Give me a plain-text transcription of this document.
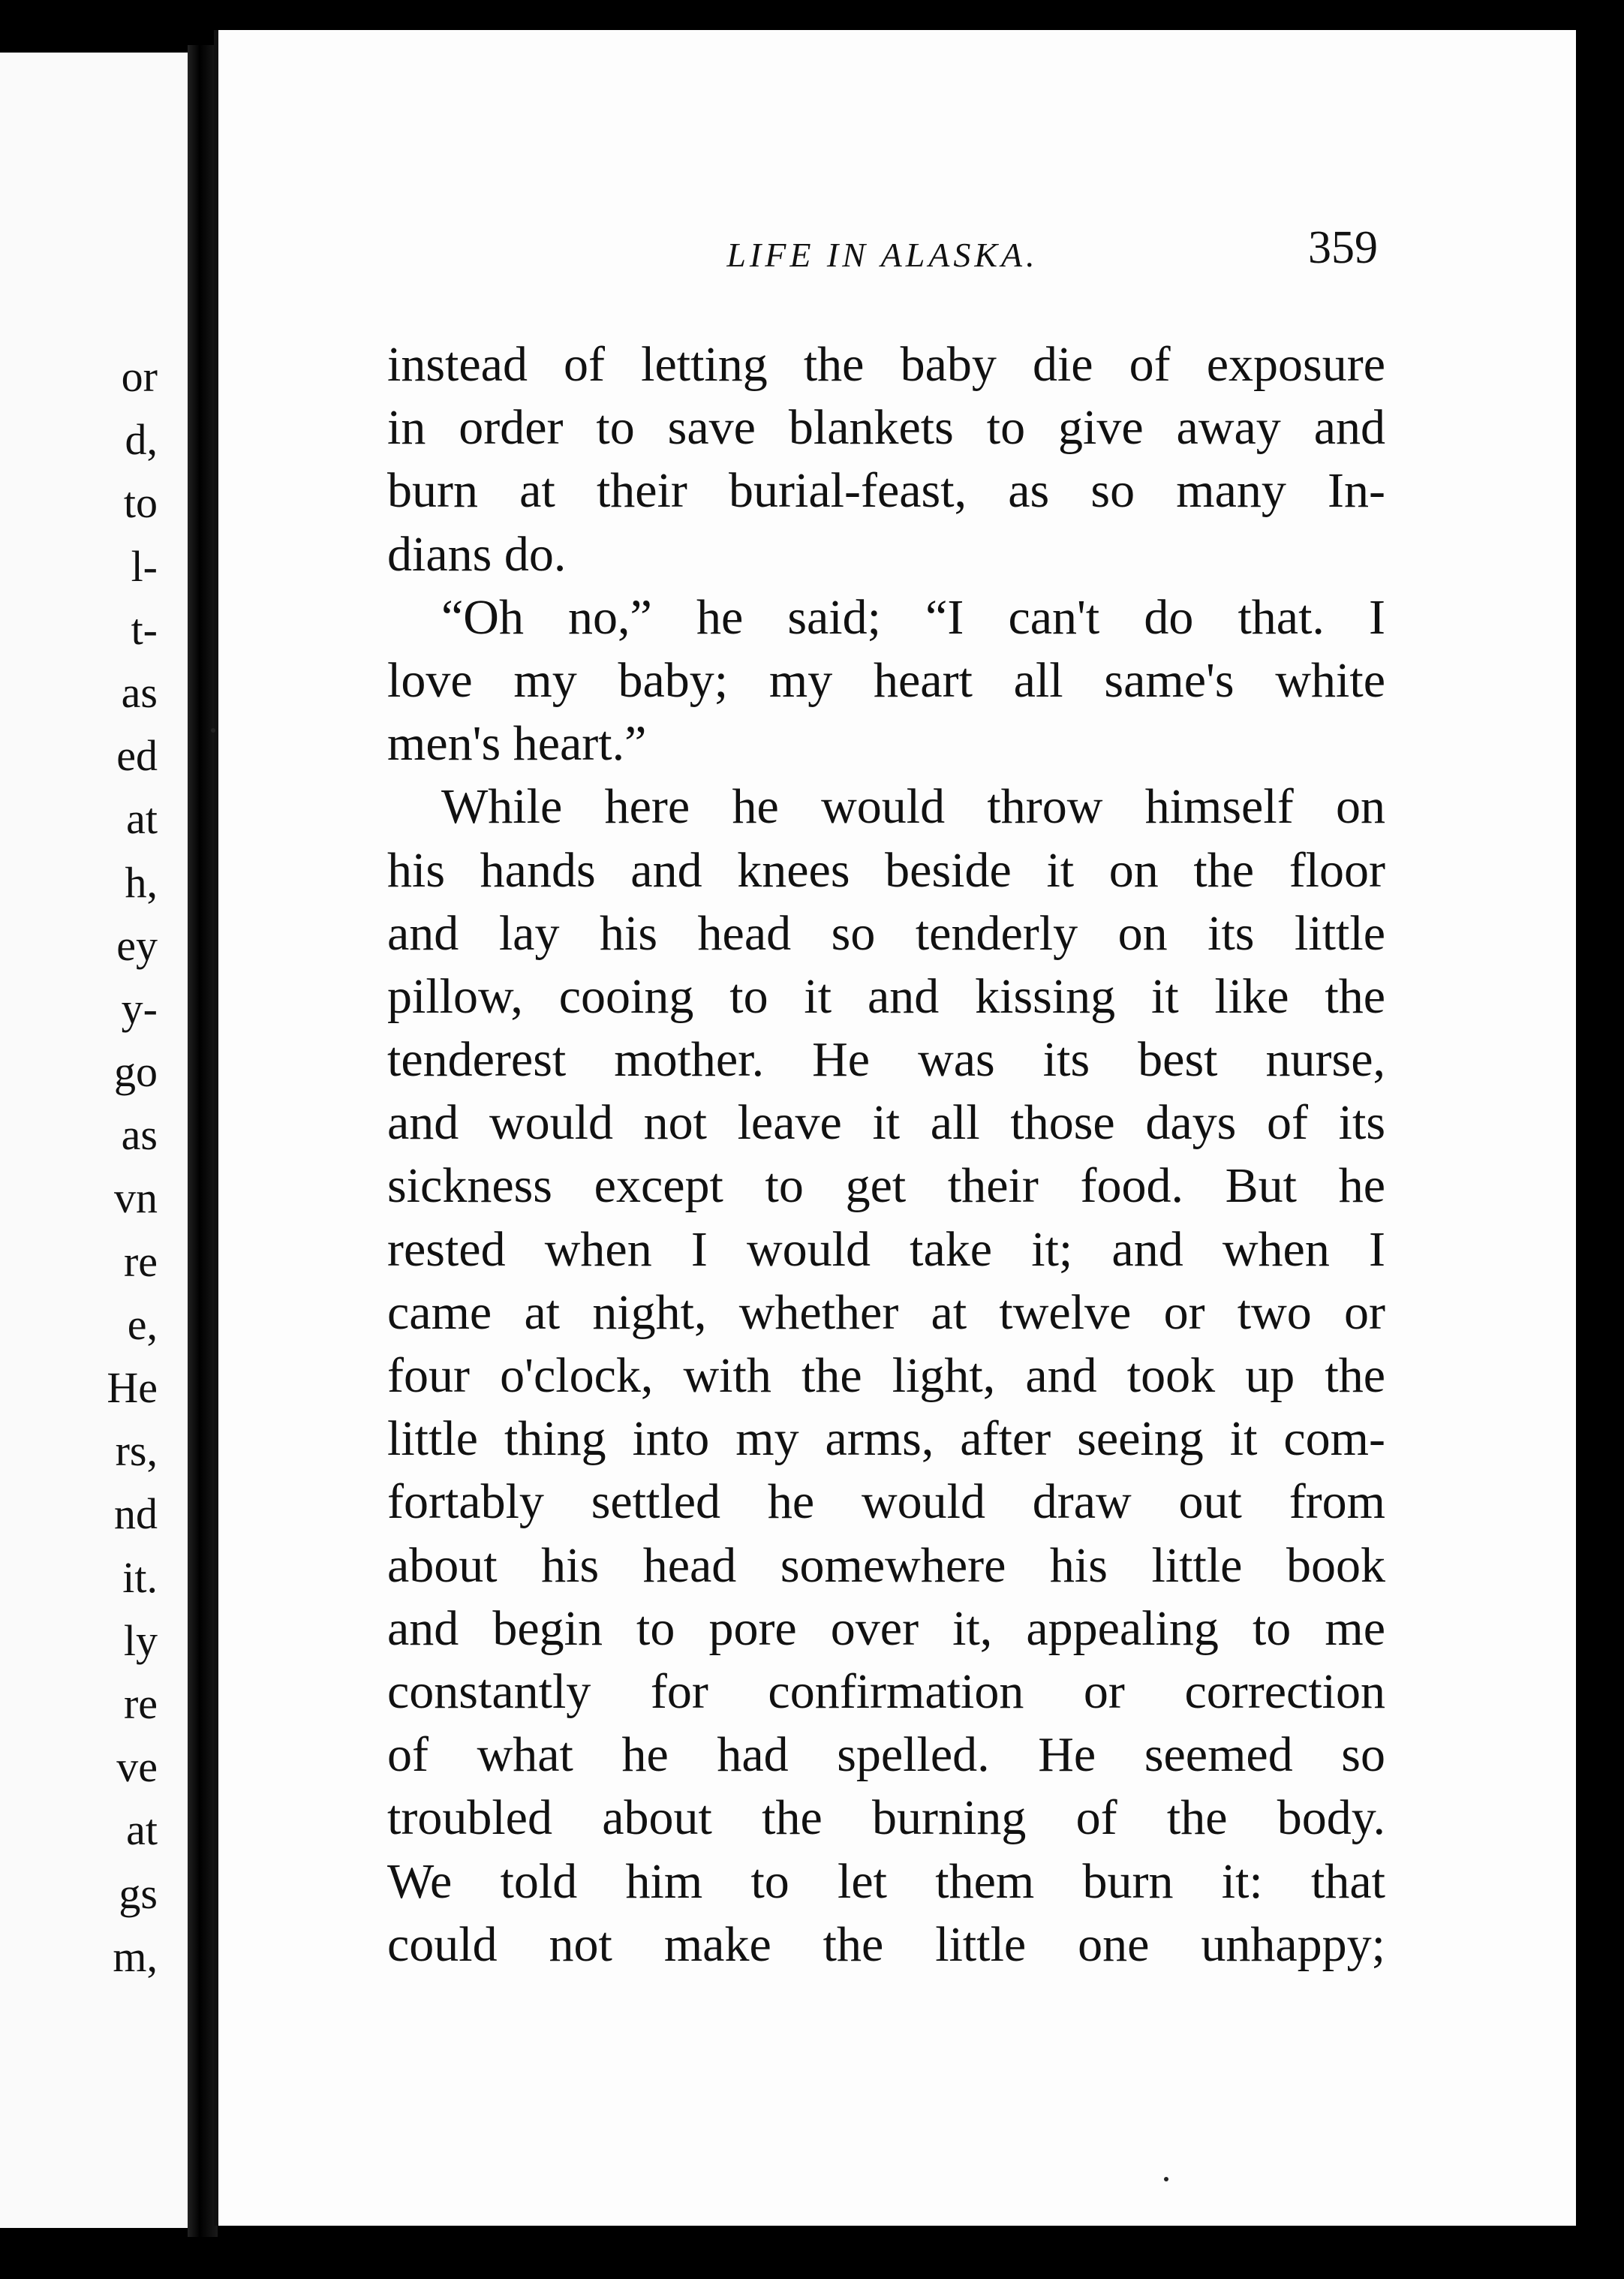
or
d,
to
l-
t-
as
ed
at
h,
ey
y-
go
as
vn
re
e,
He
rs,
nd
it.
ly
re
ve
at
gs
m,
LIFE IN ALASKA.	359
instead of letting the baby die of exposure
in order to save blankets to give away and
burn at their burial-feast, as so many In-
dians do.
“Oh no,” he said; “I can't do that. I
love my baby; my heart all same's white
men's heart.”
While here he would throw himself on
his hands and knees beside it on the floor
and lay his head so tenderly on its little
pillow, cooing to it and kissing it like the
tenderest mother. He was its best nurse,
and would not leave it all those days of its
sickness except to get their food. But he
rested when I would take it; and when I
came at night, whether at twelve or two or
four o'clock, with the light, and took up the
little thing into my arms, after seeing it com-
fortably settled he would draw out from
about his head somewhere his little book
and begin to pore over it, appealing to me
constantly for confirmation or correction
of what he had spelled. He seemed so
troubled about the burning of the body.
We told him to let them burn it: that
could not make the little one unhappy;
